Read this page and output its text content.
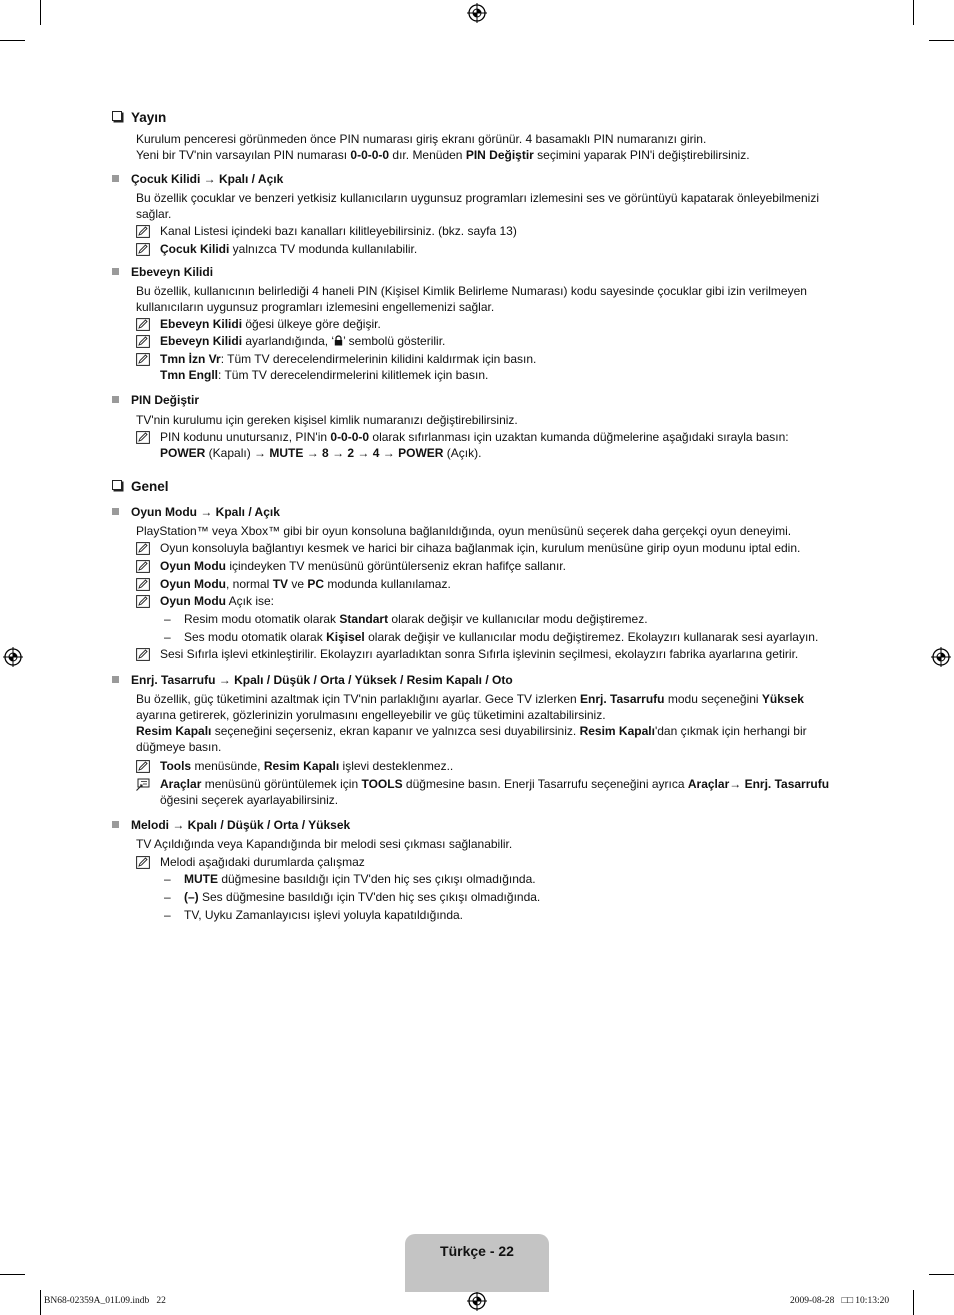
Yayın
Kurulum penceresi görünmeden önce PIN numarası giriş ekranı görünür. 4 basamaklı PIN numaranızı girin.
Yeni bir TV'nin varsayılan PIN numarası 0-0-0-0 dır. Menüden PIN Değiştir seçimini yaparak PIN'i değiştirebilirsiniz.
Çocuk Kilidi → Kpalı / Açık
Bu özellik çocuklar ve benzeri yetkisiz kullanıcıların uygunsuz programları izlemesini ses ve görüntüyü kapatarak önleyebilmenizi
sağlar.
Kanal Listesi içindeki bazı kanalları kilitleyebilirsiniz. (bkz. sayfa 13)
Çocuk Kilidi yalnızca TV modunda kullanılabilir.
Ebeveyn Kilidi
Bu özellik, kullanıcının belirlediği 4 haneli PIN (Kişisel Kimlik Belirleme Numarası) kodu sayesinde çocuklar gibi izin verilmeyen
kullanıcıların uygunsuz programları izlemesini engellemenizi sağlar.
Ebeveyn Kilidi öğesi ülkeye göre değişir.
Ebeveyn Kilidi ayarlandığında, ‘ ’ sembolü gösterilir.
Tmn İzn Vr: Tüm TV derecelendirmelerinin kilidini kaldırmak için basın.
Tmn Engll: Tüm TV derecelendirmelerini kilitlemek için basın.
PIN Değiştir
TV'nin kurulumu için gereken kişisel kimlik numaranızı değiştirebilirsiniz.
PIN kodunu unutursanız, PIN'in 0-0-0-0 olarak sıfırlanması için uzaktan kumanda düğmelerine aşağıdaki sırayla basın:
POWER (Kapalı) → MUTE → 8 → 2 → 4 → POWER (Açık).
Genel
Oyun Modu → Kpalı / Açık
PlayStation™ veya Xbox™ gibi bir oyun konsoluna bağlanıldığında, oyun menüsünü seçerek daha gerçekçi oyun deneyimi.
Oyun konsoluyla bağlantıyı kesmek ve harici bir cihaza bağlanmak için, kurulum menüsüne girip oyun modunu iptal edin.
Oyun Modu içindeyken TV menüsünü görüntülerseniz ekran hafifçe sallanır.
Oyun Modu, normal TV ve PC modunda kullanılamaz.
Oyun Modu Açık ise:
– Resim modu otomatik olarak Standart olarak değişir ve kullanıcılar modu değiştiremez.
– Ses modu otomatik olarak Kişisel olarak değişir ve kullanıcılar modu değiştiremez. Ekolayzırı kullanarak sesi ayarlayın.
Sesi Sıfırla işlevi etkinleştirilir. Ekolayzırı ayarladıktan sonra Sıfırla işlevinin seçilmesi, ekolayzırı fabrika ayarlarına getirir.
Enrj. Tasarrufu → Kpalı / Düşük / Orta / Yüksek / Resim Kapalı / Oto
Bu özellik, güç tüketimini azaltmak için TV'nin parlaklığını ayarlar. Gece TV izlerken Enrj. Tasarrufu modu seçeneğini Yüksek
ayarına getirerek, gözlerinizin yorulmasını engelleyebilir ve güç tüketimini azaltabilirsiniz.
Resim Kapalı seçeneğini seçerseniz, ekran kapanır ve yalnızca sesi duyabilirsiniz. Resim Kapalı'dan çıkmak için herhangi bir
düğmeye basın.
Tools menüsünde, Resim Kapalı işlevi desteklenmez..
Araçlar menüsünü görüntülemek için TOOLS düğmesine basın. Enerji Tasarrufu seçeneğini ayrıca Araçlar→ Enrj. Tasarrufu
öğesini seçerek ayarlayabilirsiniz.
Melodi → Kpalı / Düşük / Orta / Yüksek
TV Açıldığında veya Kapandığında bir melodi sesi çıkması sağlanabilir.
Melodi aşağıdaki durumlarda çalışmaz
– MUTE düğmesine basıldığı için TV'den hiç ses çıkışı olmadığında.
– (–) Ses düğmesine basıldığı için TV'den hiç ses çıkışı olmadığında.
– TV, Uyku Zamanlayıcısı işlevi yoluyla kapatıldığında.
Türkçe - 22
BN68-02359A_01L09.indb   22	2009-08-28   □□ 10:13:20
